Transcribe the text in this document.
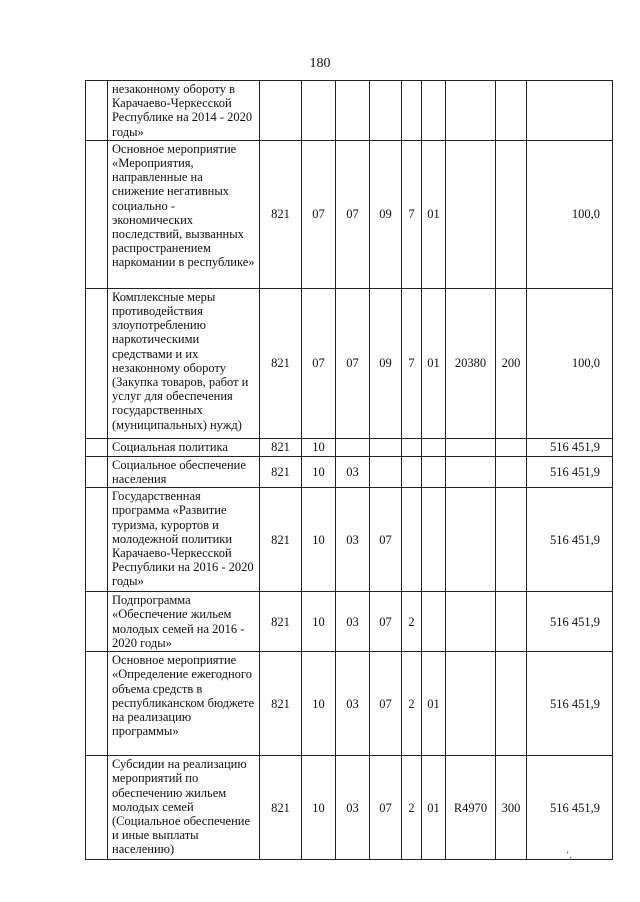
180
	незаконному обороту в Карачаево-Черкесской Республике на 2014 - 2020 годы»									
	Основное мероприятие «Мероприятия, направленные на снижение негативных социально - экономических последствий, вызванных распространением наркомании в республике»	821	07	07	09	7	01			100,0
	Комплексные меры противодействия злоупотреблению наркотическими средствами и их незаконному обороту (Закупка товаров, работ и услуг для обеспечения государственных (муниципальных) нужд)	821	07	07	09	7	01	20380	200	100,0
	Социальная политика	821	10							516 451,9
	Социальное обеспечение населения	821	10	03						516 451,9
	Государственная программа «Развитие туризма, курортов и молодежной политики Карачаево-Черкесской Республики на 2016 - 2020 годы»	821	10	03	07					516 451,9
	Подпрограмма «Обеспечение жильем молодых семей на 2016 - 2020 годы»	821	10	03	07	2				516 451,9
	Основное мероприятие «Определение ежегодного объема средств в республиканском бюджете на реализацию программы»	821	10	03	07	2	01			516 451,9
	Субсидии на реализацию мероприятий по обеспечению жильем молодых семей (Социальное обеспечение и иные выплаты населению)	821	10	03	07	2	01	R4970	300	516 451,9
ʻ,
